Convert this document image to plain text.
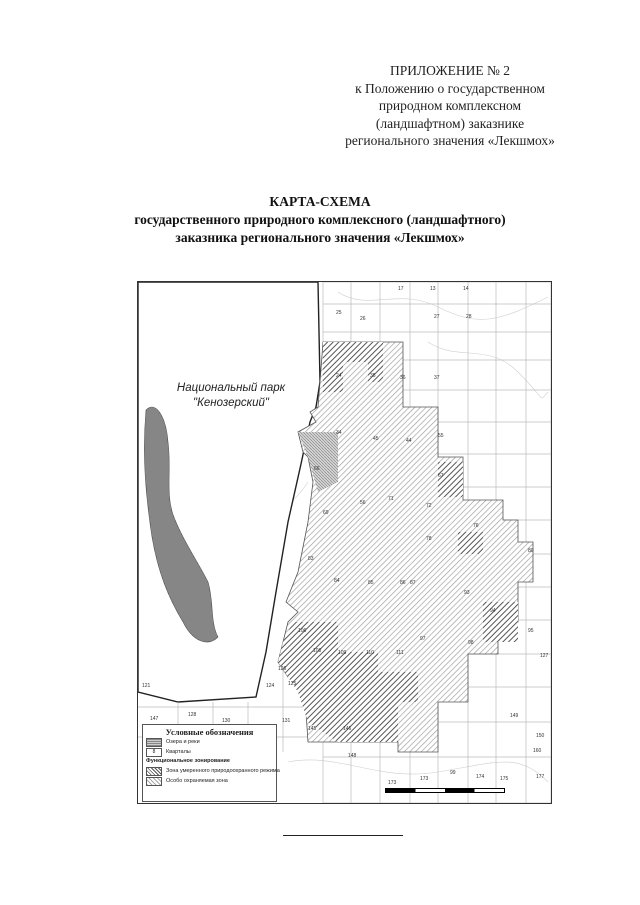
ПРИЛОЖЕНИЕ № 2
к Положению о государственном
природном комплексном
(ландшафтном) заказнике
регионального значения «Лекшмох»
КАРТА-СХЕМА
государственного природного комплексного (ландшафтного)
заказника регионального значения «Лекшмох»
17	13	14
26
25
27	28
24	35	36	37
34
45	44
55
66
67
56
69
71
72
76
78
80
83
84	85	86 87
93
94
95
97
98
106
108	109	110	111
121	124	125
126
127
128
130	131
145	146
147
148
149
150
160
173	174	175	177
173
99
Национальный парк
"Кенозерский"
Условные обозначения
Озера и реки
8	Кварталы
Функциональное зонирование
Зона умеренного природоохранного режима
Особо охраняемая зона
